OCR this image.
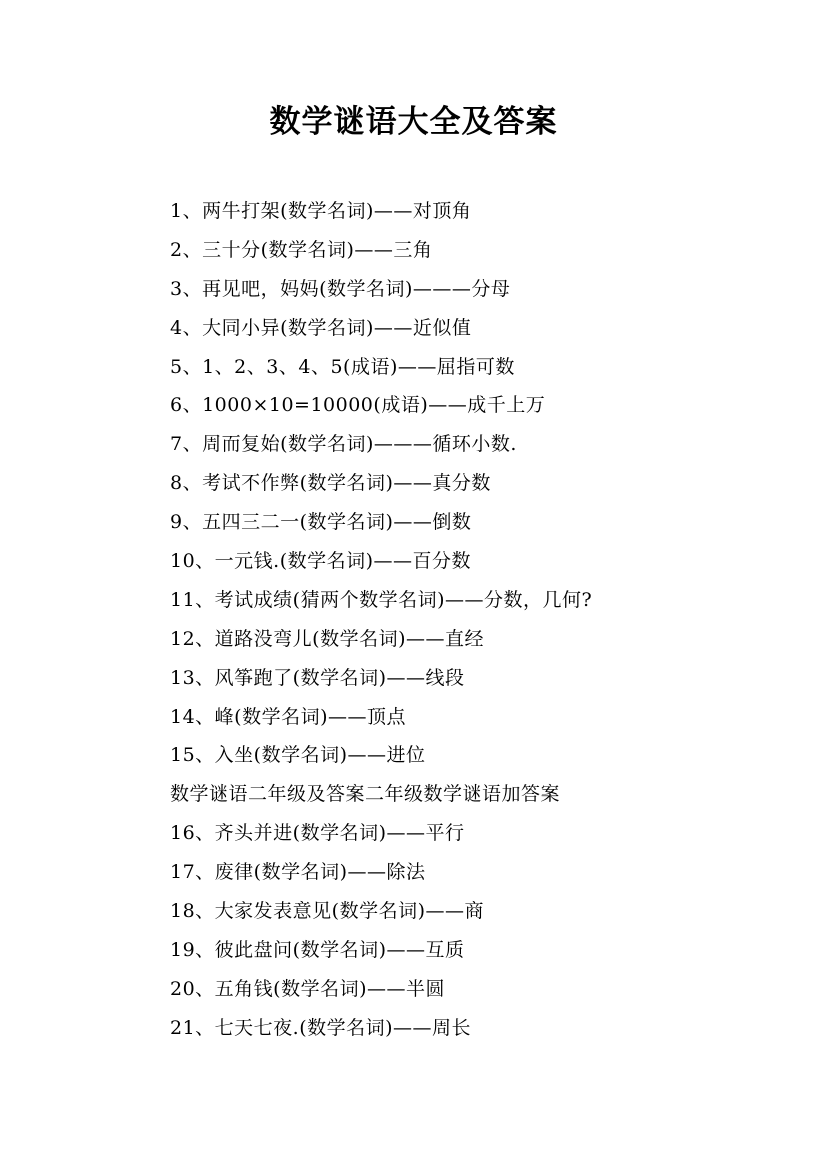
数学谜语大全及答案
1、两牛打架(数学名词)——对顶角
2、三十分(数学名词)——三角
3、再见吧，妈妈(数学名词)———分母
4、大同小异(数学名词)——近似值
5、1、2、3、4、5(成语)——屈指可数
6、1000×10=10000(成语)——成千上万
7、周而复始(数学名词)———循环小数.
8、考试不作弊(数学名词)——真分数
9、五四三二一(数学名词)——倒数
10、一元钱.(数学名词)——百分数
11、考试成绩(猜两个数学名词)——分数，几何?
12、道路没弯儿(数学名词)——直经
13、风筝跑了(数学名词)——线段
14、峰(数学名词)——顶点
15、入坐(数学名词)——进位
数学谜语二年级及答案二年级数学谜语加答案
16、齐头并进(数学名词)——平行
17、废律(数学名词)——除法
18、大家发表意见(数学名词)——商
19、彼此盘问(数学名词)——互质
20、五角钱(数学名词)——半圆
21、七天七夜.(数学名词)——周长
